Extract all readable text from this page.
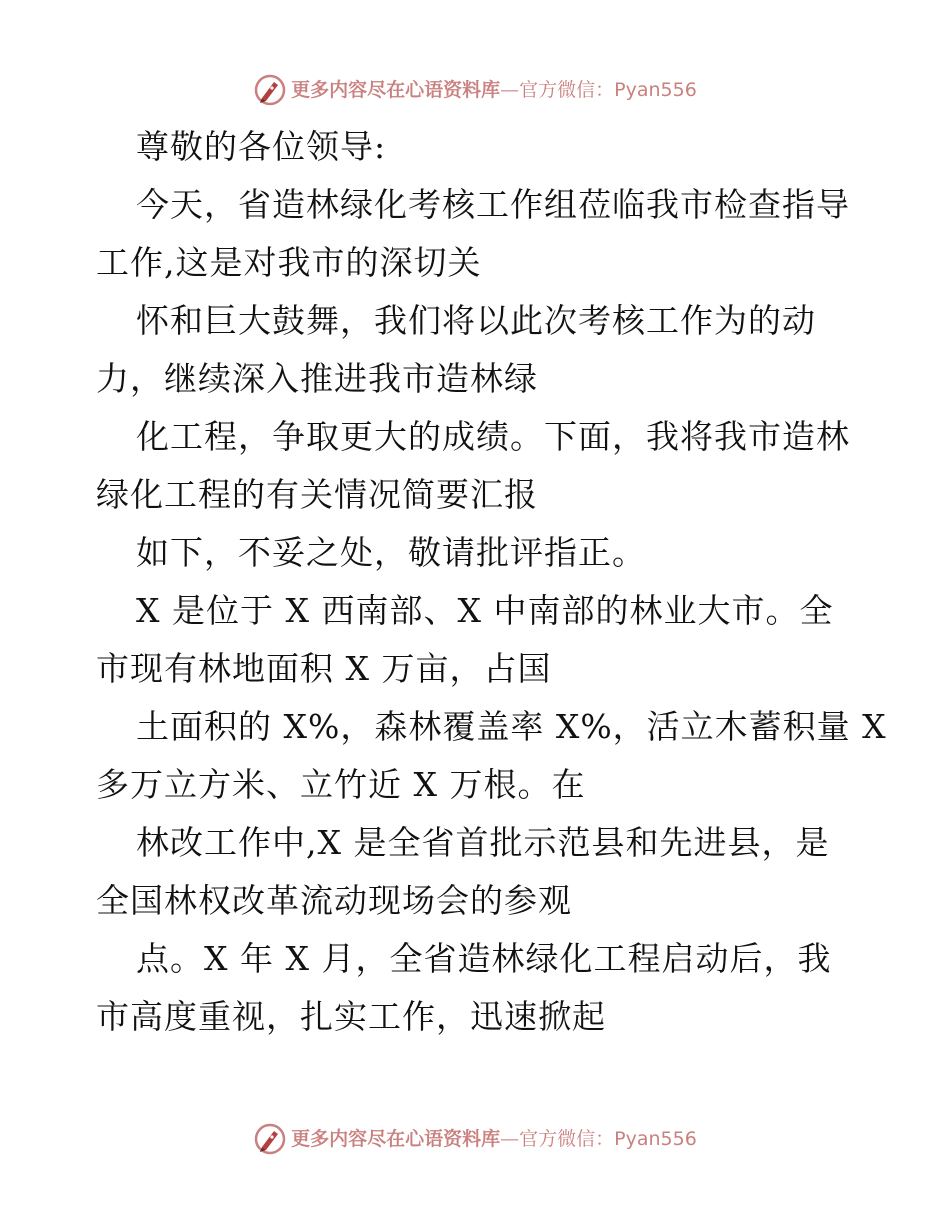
更多内容尽在心语资料库 — 官方微信：Pyan556
尊敬的各位领导:
今天，省造林绿化考核工作组莅临我市检查指导
工作,这是对我市的深切关
怀和巨大鼓舞，我们将以此次考核工作为的动
力，继续深入推进我市造林绿
化工程，争取更大的成绩。下面，我将我市造林
绿化工程的有关情况简要汇报
如下，不妥之处，敬请批评指正。
X 是位于 X 西南部、X 中南部的林业大市。全
市现有林地面积 X 万亩，占国
土面积的 X%，森林覆盖率 X%，活立木蓄积量 X
多万立方米、立竹近 X 万根。在
林改工作中,X 是全省首批示范县和先进县，是
全国林权改革流动现场会的参观
点。X 年 X 月，全省造林绿化工程启动后，我
市高度重视，扎实工作，迅速掀起
更多内容尽在心语资料库 — 官方微信：Pyan556
